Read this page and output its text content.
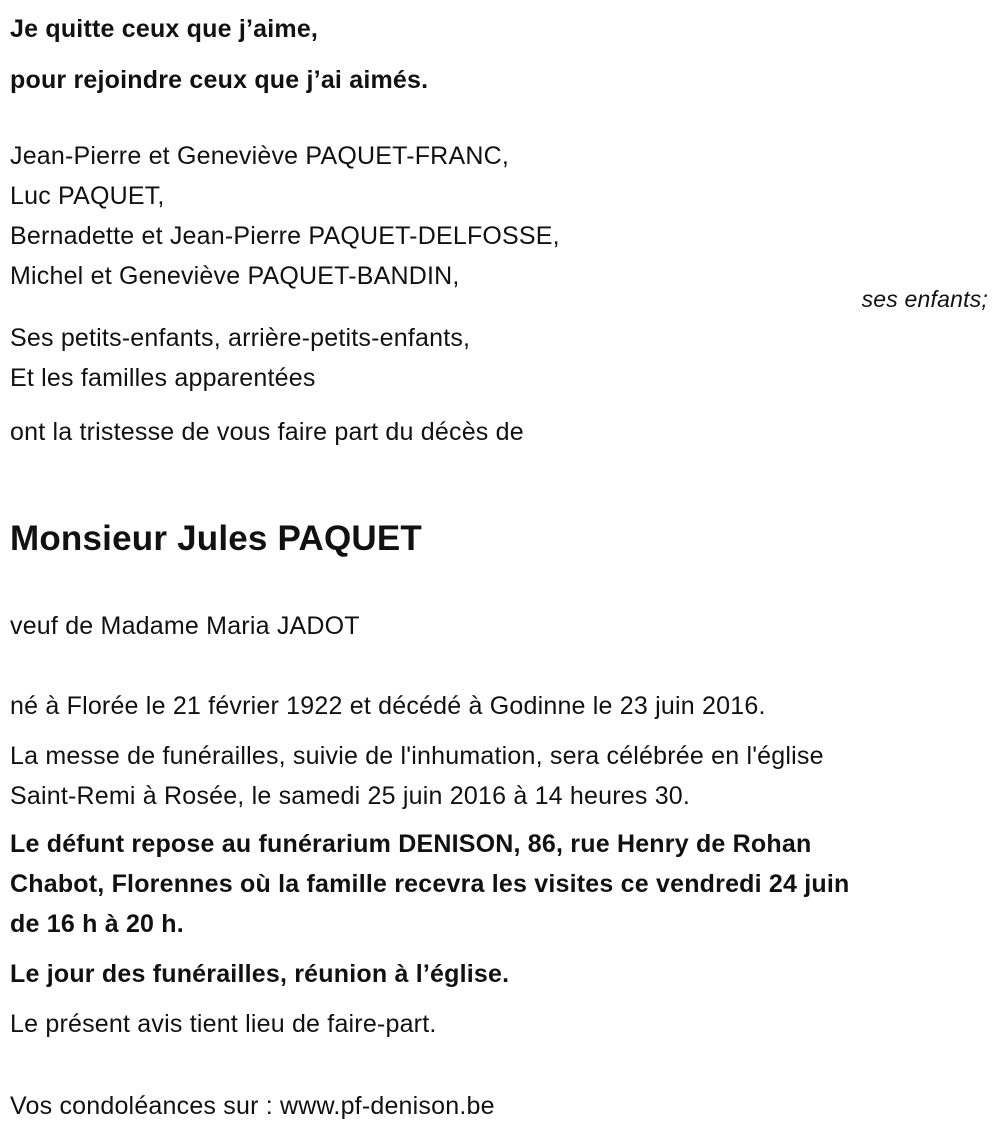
Je quitte ceux que j’aime,
pour rejoindre ceux que j’ai aimés.
Jean-Pierre et Geneviève PAQUET-FRANC,
Luc PAQUET,
Bernadette et Jean-Pierre PAQUET-DELFOSSE,
Michel et Geneviève PAQUET-BANDIN,
ses enfants;
Ses petits-enfants, arrière-petits-enfants,
Et les familles apparentées
ont la tristesse de vous faire part du décès de
Monsieur Jules PAQUET
veuf de Madame Maria JADOT
né à Florée le 21 février 1922 et décédé à Godinne le 23 juin 2016.
La messe de funérailles, suivie de l'inhumation, sera célébrée en l'église
Saint-Remi à Rosée, le samedi 25 juin 2016 à 14 heures 30.
Le défunt repose au funérarium DENISON, 86, rue Henry de Rohan
Chabot, Florennes où la famille recevra les visites ce vendredi 24 juin
de 16 h à 20 h.
Le jour des funérailles, réunion à l’église.
Le présent avis tient lieu de faire-part.
Vos condoléances sur : www.pf-denison.be
